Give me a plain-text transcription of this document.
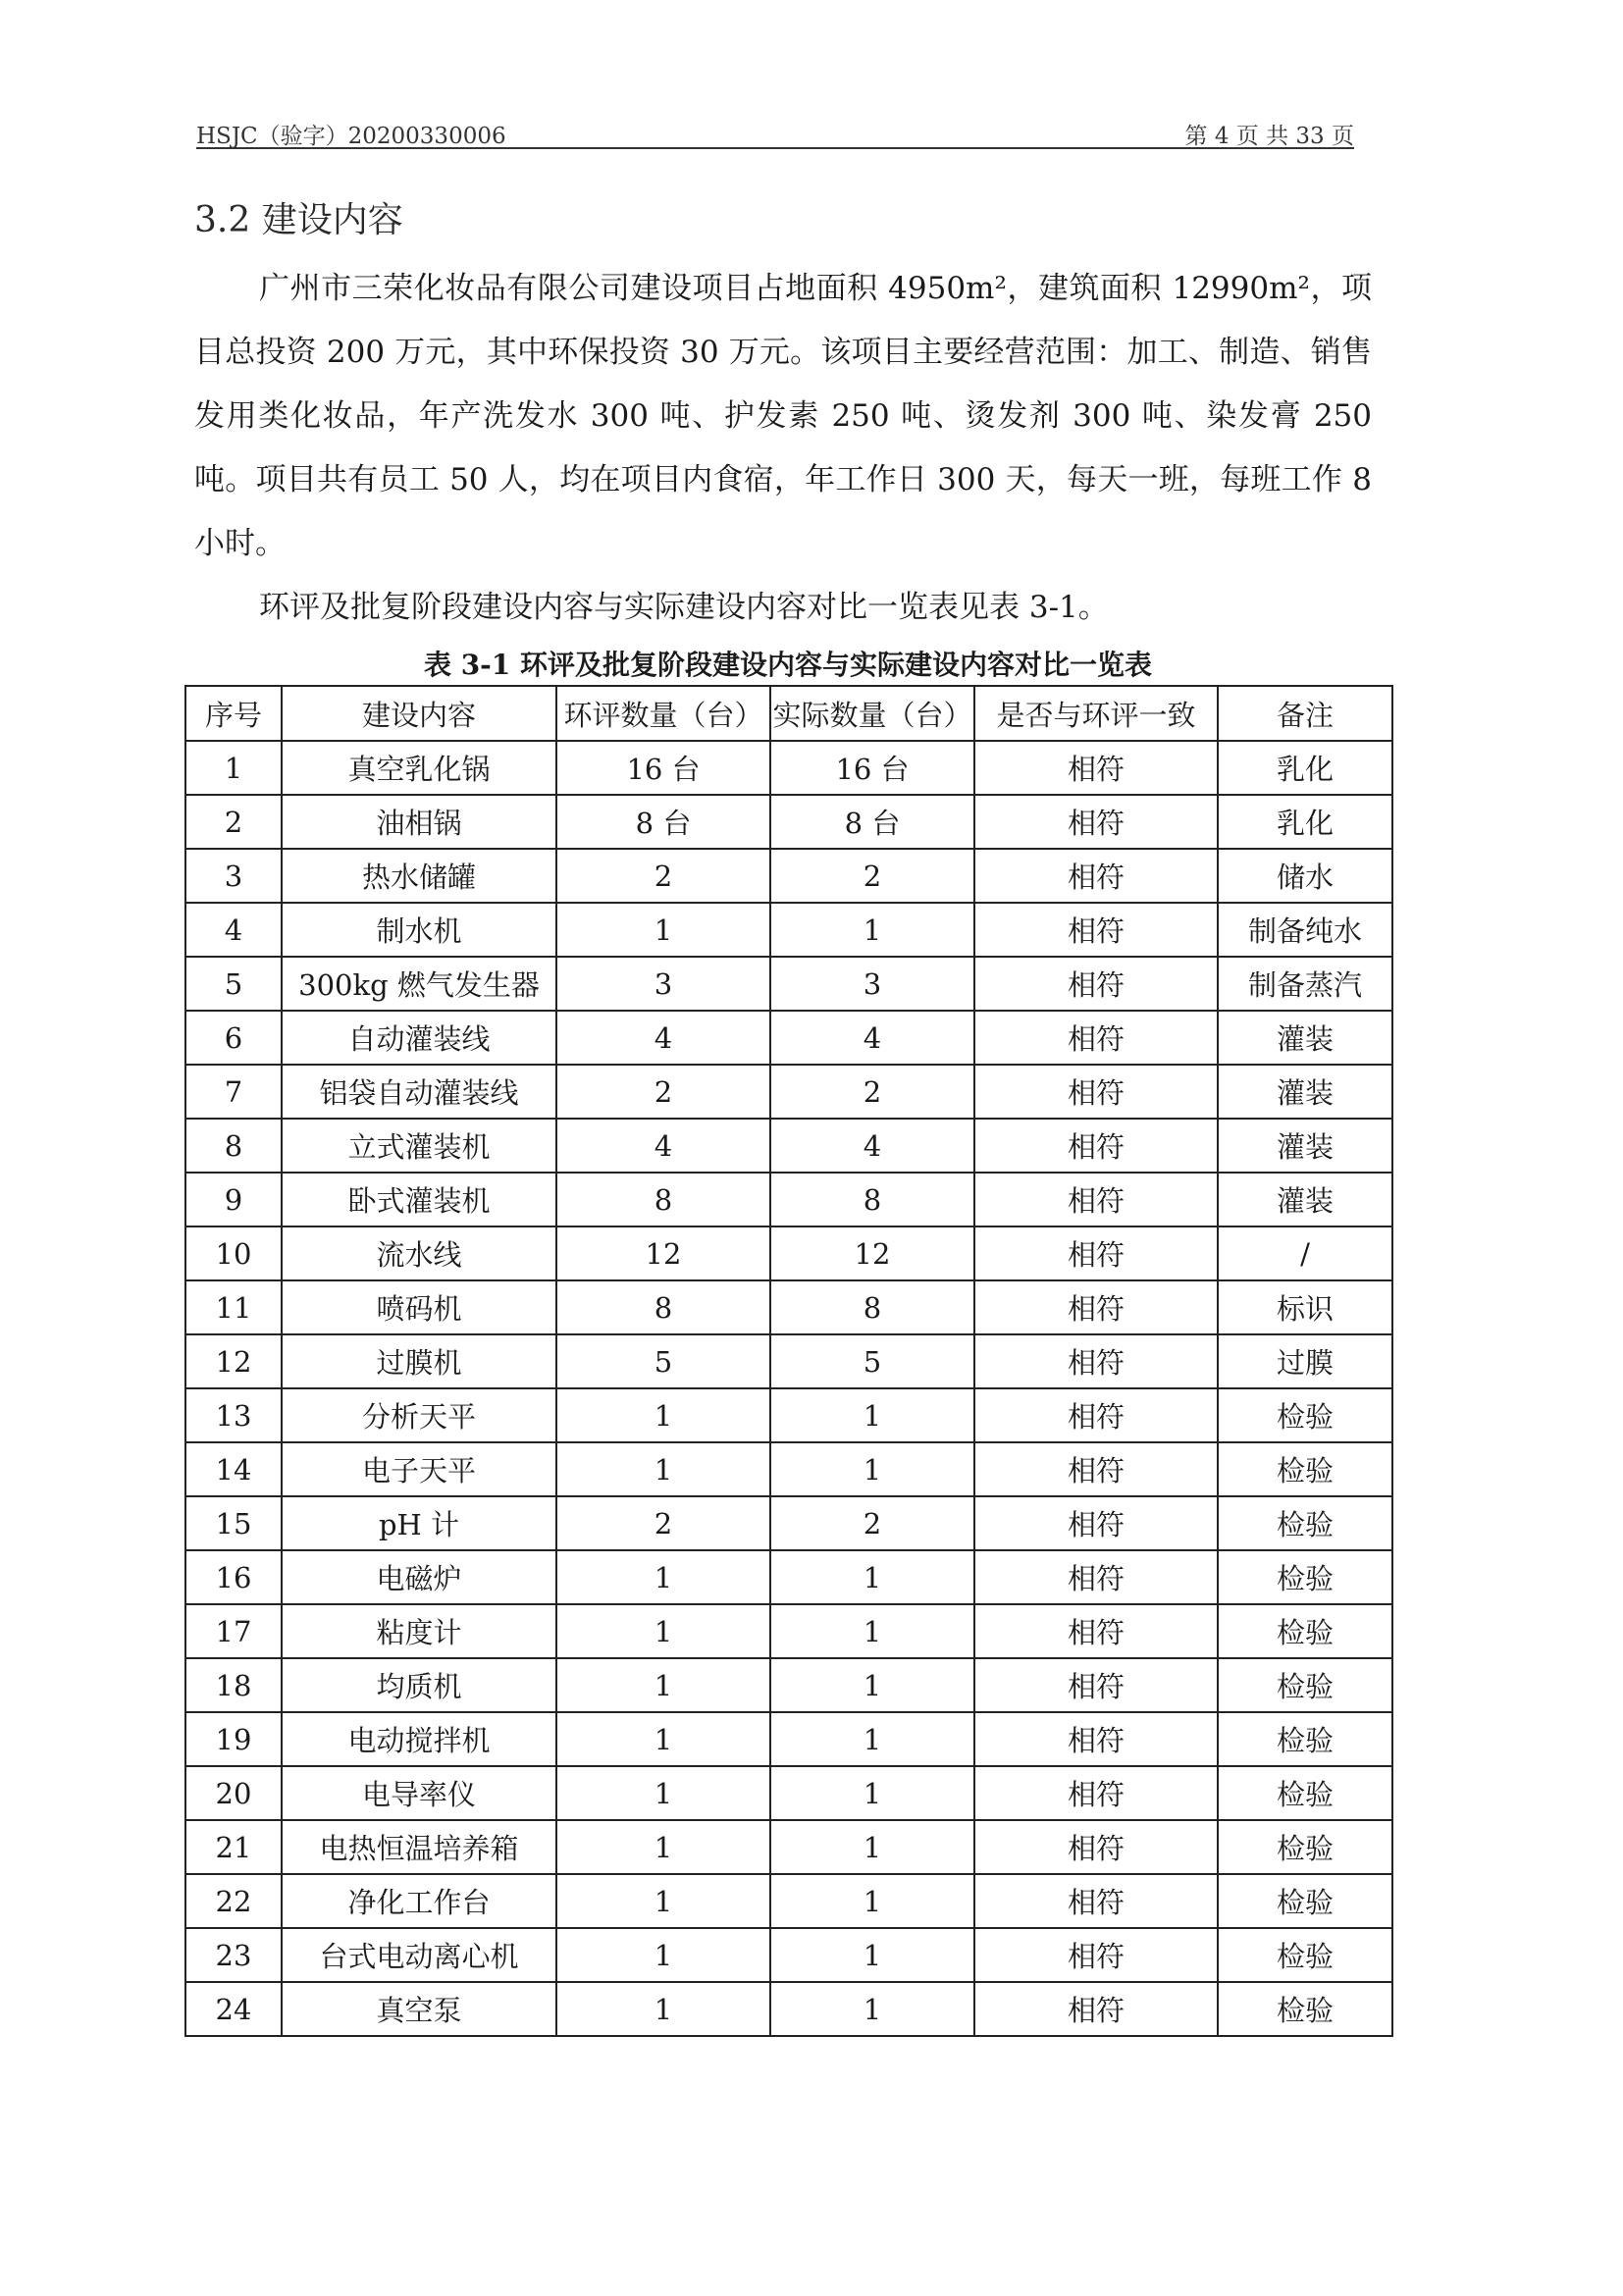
HSJC（验字）20200330006	第 4 页 共 33 页
3.2 建设内容
广州市三荣化妆品有限公司建设项目占地面积 4950m²，建筑面积 12990m²，项目总投资 200 万元，其中环保投资 30 万元。该项目主要经营范围：加工、制造、销售发用类化妆品，年产洗发水 300 吨、护发素 250 吨、烫发剂 300 吨、染发膏 250 吨。项目共有员工 50 人，均在项目内食宿，年工作日 300 天，每天一班，每班工作 8 小时。
环评及批复阶段建设内容与实际建设内容对比一览表见表 3-1。
表 3-1 环评及批复阶段建设内容与实际建设内容对比一览表
序号	建设内容	环评数量（台）	实际数量（台）	是否与环评一致	备注
1	真空乳化锅	16 台	16 台	相符	乳化
2	油相锅	8 台	8 台	相符	乳化
3	热水储罐	2	2	相符	储水
4	制水机	1	1	相符	制备纯水
5	300kg 燃气发生器	3	3	相符	制备蒸汽
6	自动灌装线	4	4	相符	灌装
7	铝袋自动灌装线	2	2	相符	灌装
8	立式灌装机	4	4	相符	灌装
9	卧式灌装机	8	8	相符	灌装
10	流水线	12	12	相符	/
11	喷码机	8	8	相符	标识
12	过膜机	5	5	相符	过膜
13	分析天平	1	1	相符	检验
14	电子天平	1	1	相符	检验
15	pH 计	2	2	相符	检验
16	电磁炉	1	1	相符	检验
17	粘度计	1	1	相符	检验
18	均质机	1	1	相符	检验
19	电动搅拌机	1	1	相符	检验
20	电导率仪	1	1	相符	检验
21	电热恒温培养箱	1	1	相符	检验
22	净化工作台	1	1	相符	检验
23	台式电动离心机	1	1	相符	检验
24	真空泵	1	1	相符	检验
